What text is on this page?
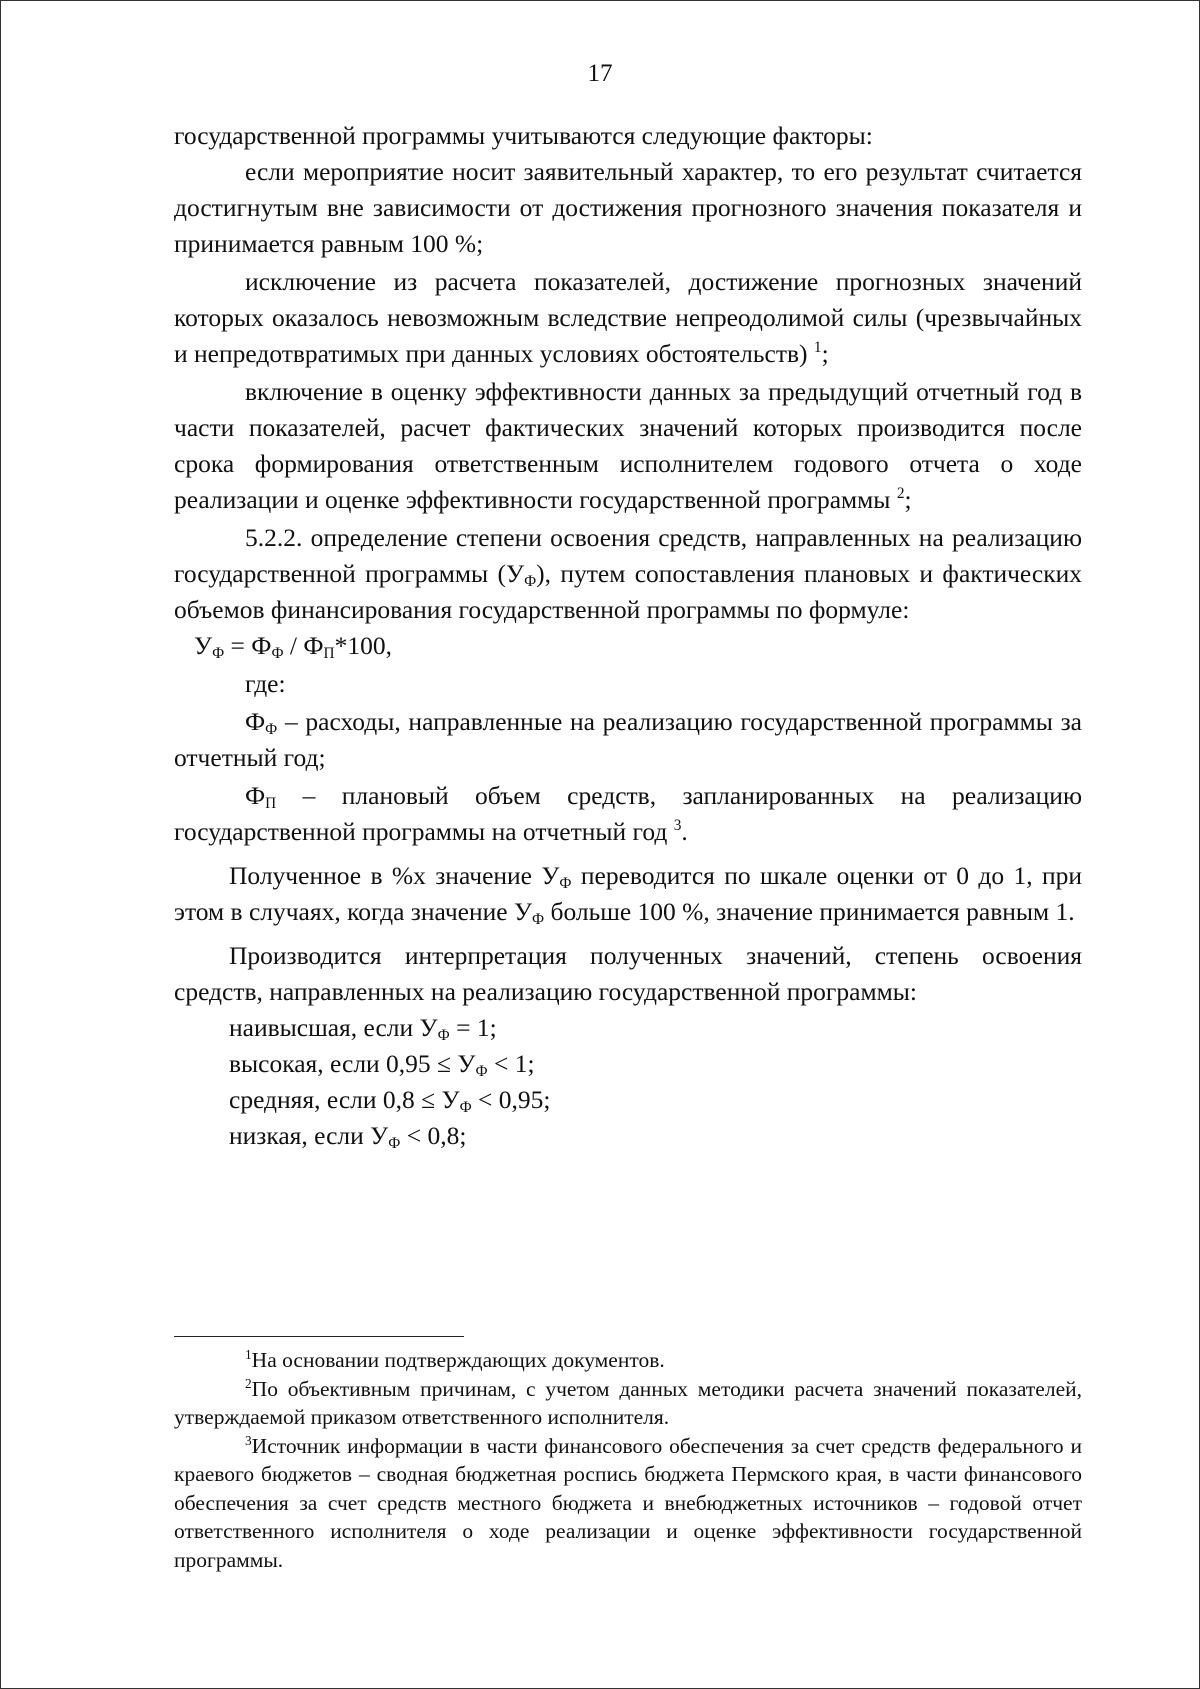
17

государственной программы учитываются следующие факторы:

если мероприятие носит заявительный характер, то его результат считается достигнутым вне зависимости от достижения прогнозного значения показателя и принимается равным 100 %;

исключение из расчета показателей, достижение прогнозных значений которых оказалось невозможным вследствие непреодолимой силы (чрезвычайных и непредотвратимых при данных условиях обстоятельств) $^1$;

включение в оценку эффективности данных за предыдущий отчетный год в части показателей, расчет фактических значений которых производится после срока формирования ответственным исполнителем годового отчета о ходе реализации и оценке эффективности государственной программы $^2$;

5.2.2. определение степени освоения средств, направленных на реализацию государственной программы $(У_Ф)$, путем сопоставления плановых и фактических объемов финансирования государственной программы по формуле:

$У_Ф = Ф_Ф / Ф_П*100$,

где:

$Ф_Ф$ – расходы, направленные на реализацию государственной программы за отчетный год;

$Ф_П$ – плановый объем средств, запланированных на реализацию государственной программы на отчетный год $^3$.

Полученное в %х значение $У_Ф$ переводится по шкале оценки от 0 до 1, при этом в случаях, когда значение $У_Ф$ больше 100 %, значение принимается равным 1.

Производится интерпретация полученных значений, степень освоения средств, направленных на реализацию государственной программы:

наивысшая, если $У_Ф = 1$;

высокая, если $0,95 \le У_Ф < 1$;

средняя, если $0,8 \le У_Ф < 0,95$;

низкая, если $У_Ф < 0,8$;

$^1$На основании подтверждающих документов.

$^2$По объективным причинам, с учетом данных методики расчета значений показателей, утверждаемой приказом ответственного исполнителя.

$^3$Источник информации в части финансового обеспечения за счет средств федерального и краевого бюджетов – сводная бюджетная роспись бюджета Пермского края, в части финансового обеспечения за счет средств местного бюджета и внебюджетных источников – годовой отчет ответственного исполнителя о ходе реализации и оценке эффективности государственной программы.
